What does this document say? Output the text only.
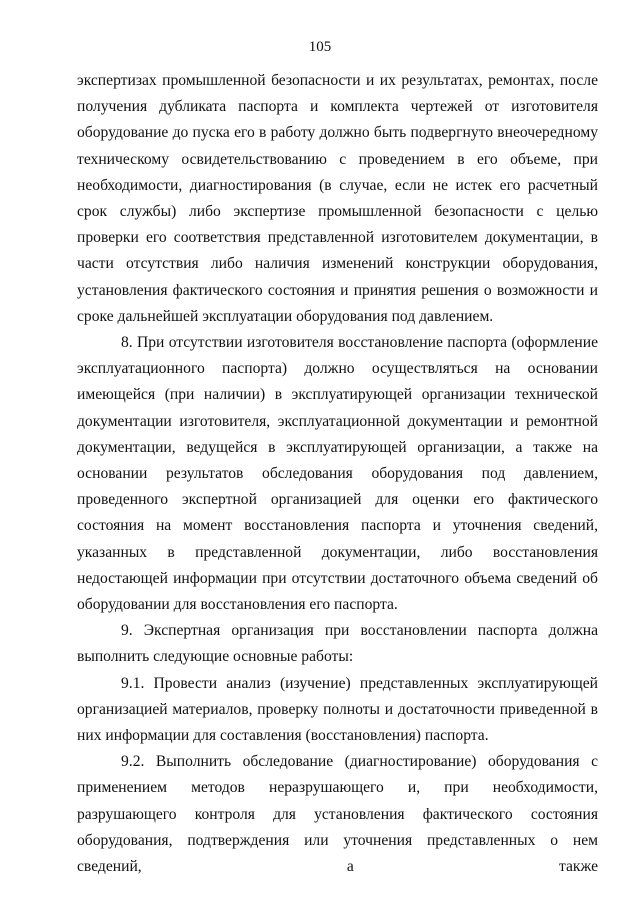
105

экспертизах промышленной безопасности и их результатах, ремонтах, после получения дубликата паспорта и комплекта чертежей от изготовителя оборудование до пуска его в работу должно быть подвергнуто внеочередному техническому освидетельствованию с проведением в его объеме, при необходимости, диагностирования (в случае, если не истек его расчетный срок службы) либо экспертизе промышленной безопасности с целью проверки его соответствия представленной изготовителем документации, в части отсутствия либо наличия изменений конструкции оборудования, установления фактического состояния и принятия решения о возможности и сроке дальнейшей эксплуатации оборудования под давлением.

8. При отсутствии изготовителя восстановление паспорта (оформление эксплуатационного паспорта) должно осуществляться на основании имеющейся (при наличии) в эксплуатирующей организации технической документации изготовителя, эксплуатационной документации и ремонтной документации, ведущейся в эксплуатирующей организации, а также на основании результатов обследования оборудования под давлением, проведенного экспертной организацией для оценки его фактического состояния на момент восстановления паспорта и уточнения сведений, указанных в представленной документации, либо восстановления недостающей информации при отсутствии достаточного объема сведений об оборудовании для восстановления его паспорта.

9. Экспертная организация при восстановлении паспорта должна выполнить следующие основные работы:

9.1. Провести анализ (изучение) представленных эксплуатирующей организацией материалов, проверку полноты и достаточности приведенной в них информации для составления (восстановления) паспорта.

9.2. Выполнить обследование (диагностирование) оборудования с применением методов неразрушающего и, при необходимости, разрушающего контроля для установления фактического состояния оборудования, подтверждения или уточнения представленных о нем сведений, а также
